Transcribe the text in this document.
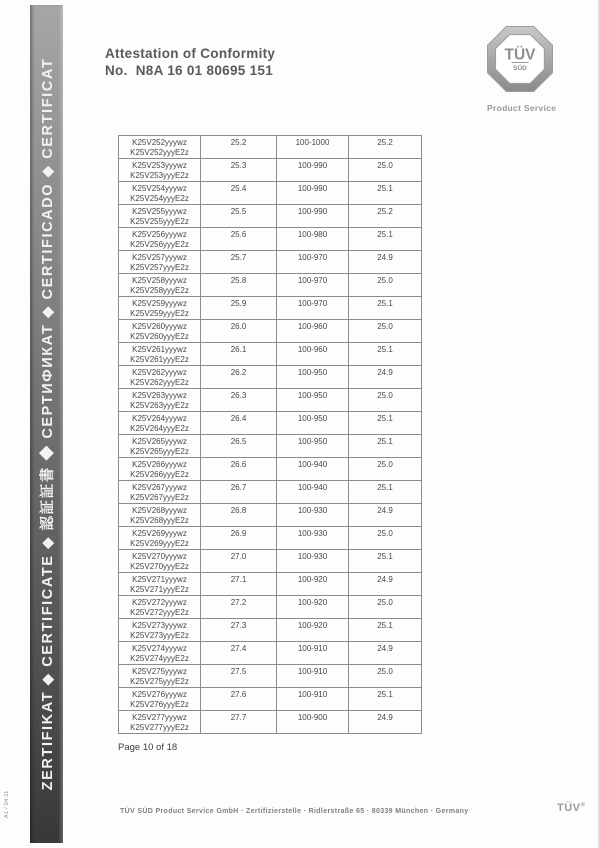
A1 / 04.11
ZERTIFIKAT ◆ CERTIFICATE ◆ 認証証書 ◆ СЕРТИФИКАТ ◆ CERTIFICADO ◆ CERTIFICAT
Attestation of Conformity
No.  N8A 16 01 80695 151
TÜV
SÜD
Product Service
K25V252yyywz
K25V252yyyE2z	25.2	100-1000	25.2

K25V253yyywz
K25V253yyyE2z	25.3	100-990	25.0

K25V254yyywz
K25V254yyyE2z	25.4	100-990	25.1

K25V255yyywz
K25V255yyyE2z	25.5	100-990	25.2

K25V256yyywz
K25V256yyyE2z	25.6	100-980	25.1

K25V257yyywz
K25V257yyyE2z	25.7	100-970	24.9

K25V258yyywz
K25V258yyyE2z	25.8	100-970	25.0

K25V259yyywz
K25V259yyyE2z	25.9	100-970	25.1

K25V260yyywz
K25V260yyyE2z	26.0	100-960	25.0

K25V261yyywz
K25V261yyyE2z	26.1	100-960	25.1

K25V262yyywz
K25V262yyyE2z	26.2	100-950	24.9

K25V263yyywz
K25V263yyyE2z	26.3	100-950	25.0

K25V264yyywz
K25V264yyyE2z	26.4	100-950	25.1

K25V265yyywz
K25V265yyyE2z	26.5	100-950	25.1

K25V266yyywz
K25V266yyyE2z	26.6	100-940	25.0

K25V267yyywz
K25V267yyyE2z	26.7	100-940	25.1

K25V268yyywz
K25V268yyyE2z	26.8	100-930	24.9

K25V269yyywz
K25V269yyyE2z	26.9	100-930	25.0

K25V270yyywz
K25V270yyyE2z	27.0	100-930	25.1

K25V271yyywz
K25V271yyyE2z	27.1	100-920	24.9

K25V272yyywz
K25V272yyyE2z	27.2	100-920	25.0

K25V273yyywz
K25V273yyyE2z	27.3	100-920	25.1

K25V274yyywz
K25V274yyyE2z	27.4	100-910	24.9

K25V275yyywz
K25V275yyyE2z	27.5	100-910	25.0

K25V276yyywz
K25V276yyyE2z	27.6	100-910	25.1

K25V277yyywz
K25V277yyyE2z	27.7	100-900	24.9
Page 10 of 18
TÜV SÜD Product Service GmbH · Zertifizierstelle · Ridlerstraße 65 · 80339 München · Germany	TÜV®
